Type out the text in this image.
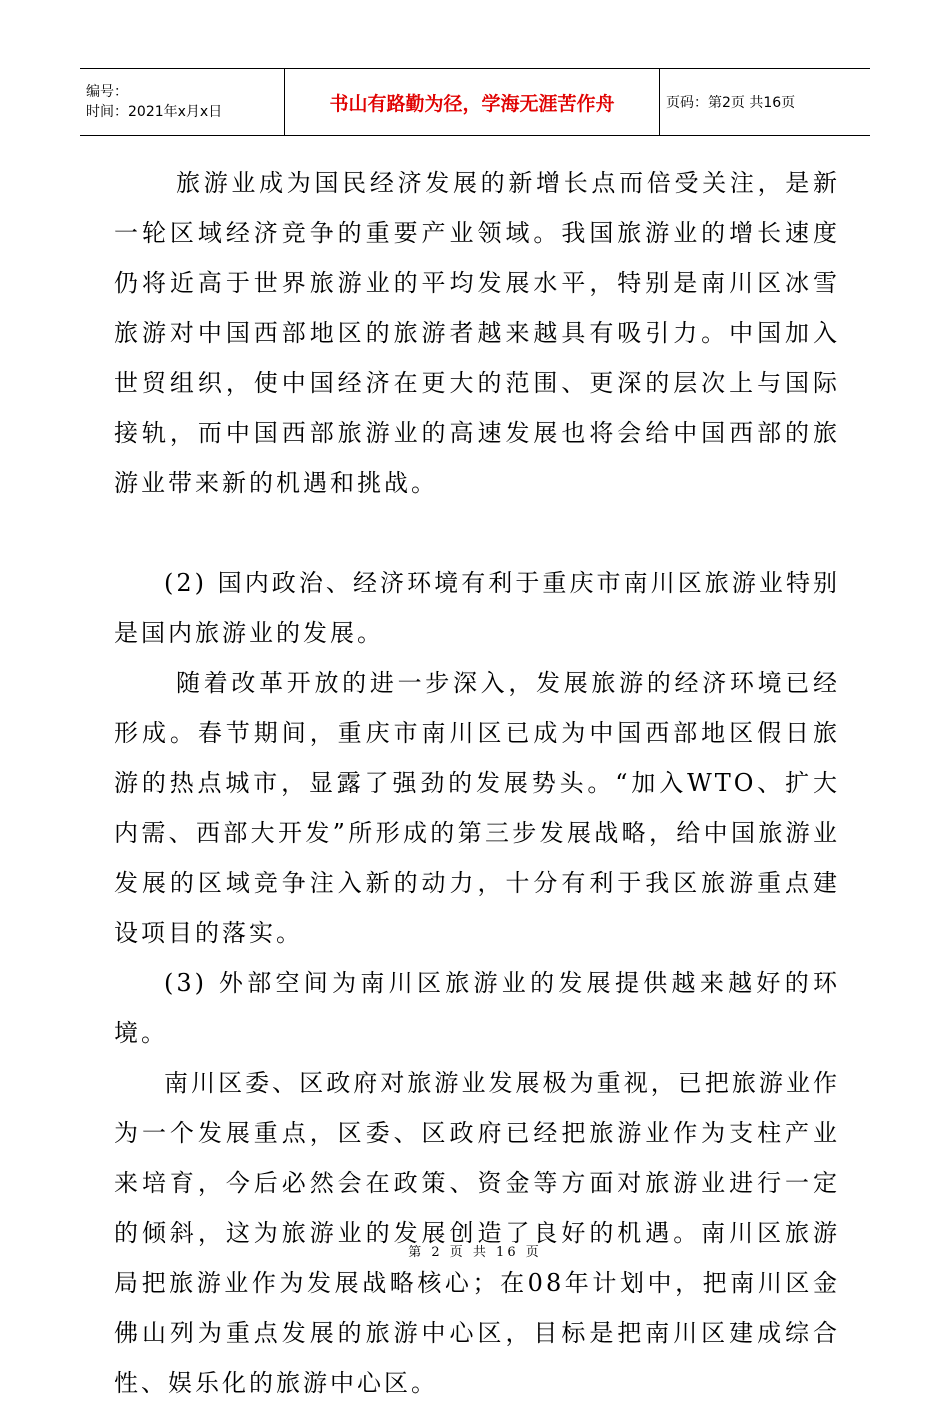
编号：
时间：2021年x月x日	书山有路勤为径，学海无涯苦作舟	页码：第2页 共16页

旅游业成为国民经济发展的新增长点而倍受关注，是新一轮区域经济竞争的重要产业领域。我国旅游业的增长速度仍将近高于世界旅游业的平均发展水平，特别是南川区冰雪旅游对中国西部地区的旅游者越来越具有吸引力。中国加入世贸组织，使中国经济在更大的范围、更深的层次上与国际接轨，而中国西部旅游业的高速发展也将会给中国西部的旅游业带来新的机遇和挑战。

(2) 国内政治、经济环境有利于重庆市南川区旅游业特别是国内旅游业的发展。

随着改革开放的进一步深入，发展旅游的经济环境已经形成。春节期间，重庆市南川区已成为中国西部地区假日旅游的热点城市，显露了强劲的发展势头。“加入WTO、扩大内需、西部大开发”所形成的第三步发展战略，给中国旅游业发展的区域竞争注入新的动力，十分有利于我区旅游重点建设项目的落实。

(3) 外部空间为南川区旅游业的发展提供越来越好的环境。

南川区委、区政府对旅游业发展极为重视，已把旅游业作为一个发展重点，区委、区政府已经把旅游业作为支柱产业来培育，今后必然会在政策、资金等方面对旅游业进行一定的倾斜，这为旅游业的发展创造了良好的机遇。南川区旅游局把旅游业作为发展战略核心；在08年计划中，把南川区金佛山列为重点发展的旅游中心区，目标是把南川区建成综合性、娱乐化的旅游中心区。

第 2 页 共 16 页
